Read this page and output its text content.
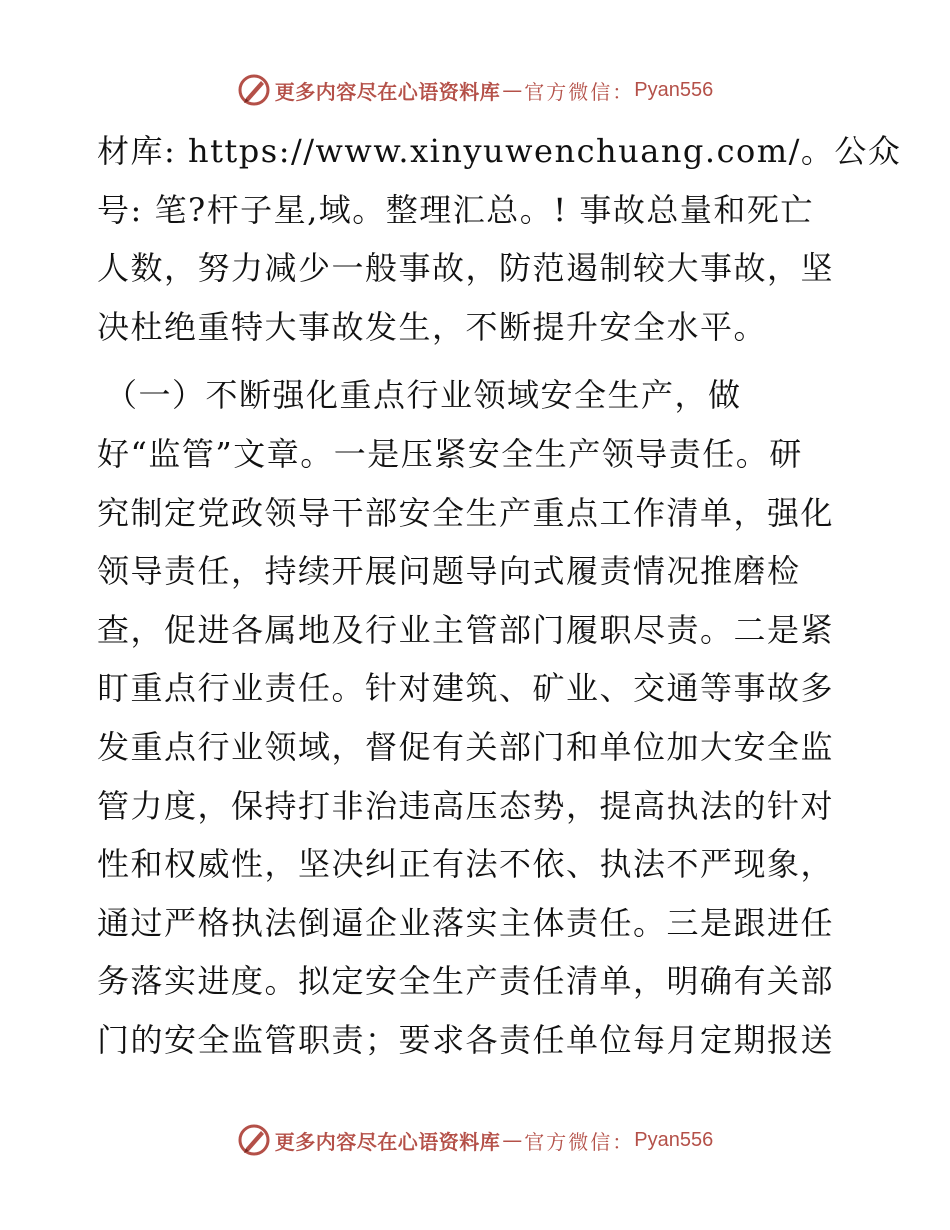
更多内容尽在心语资料库 — 官方微信： Pyan556
材库: https://www.xinyuwenchuang.com/。公众
号: 笔?杆子星,域。整理汇总。! 事故总量和死亡
人数，努力减少一般事故，防范遏制较大事故，坚
决杜绝重特大事故发生，不断提升安全水平。
（一）不断强化重点行业领域安全生产，做
好“监管”文章。一是压紧安全生产领导责任。研
究制定党政领导干部安全生产重点工作清单，强化
领导责任，持续开展问题导向式履责情况推磨检
查，促进各属地及行业主管部门履职尽责。二是紧
盯重点行业责任。针对建筑、矿业、交通等事故多
发重点行业领域，督促有关部门和单位加大安全监
管力度，保持打非治违高压态势，提高执法的针对
性和权威性，坚决纠正有法不依、执法不严现象，
通过严格执法倒逼企业落实主体责任。三是跟进任
务落实进度。拟定安全生产责任清单，明确有关部
门的安全监管职责；要求各责任单位每月定期报送
更多内容尽在心语资料库 — 官方微信： Pyan556
